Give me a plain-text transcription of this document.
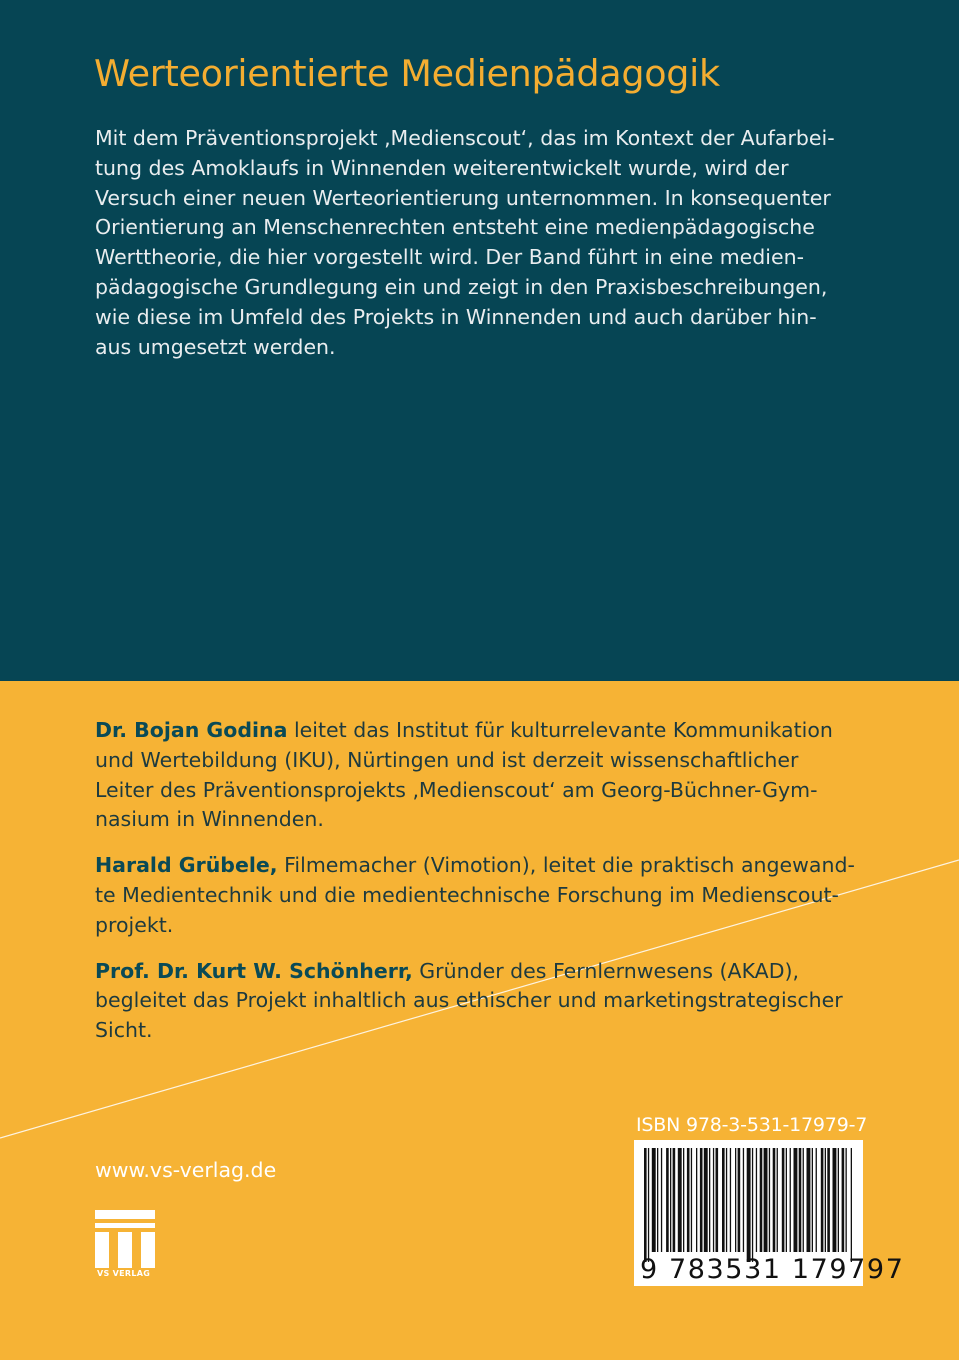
Werteorientierte Medienpädagogik

Mit dem Präventionsprojekt ‚Medienscout‘, das im Kontext der Aufarbei-
tung des Amoklaufs in Winnenden weiterentwickelt wurde, wird der
Versuch einer neuen Werteorientierung unternommen. In konsequenter
Orientierung an Menschenrechten entsteht eine medienpädagogische
Werttheorie, die hier vorgestellt wird. Der Band führt in eine medien-
pädagogische Grundlegung ein und zeigt in den Praxisbeschreibungen,
wie diese im Umfeld des Projekts in Winnenden und auch darüber hin-
aus umgesetzt werden.

Dr. Bojan Godina leitet das Institut für kulturrelevante Kommunikation
und Wertebildung (IKU), Nürtingen und ist derzeit wissenschaftlicher
Leiter des Präventionsprojekts ‚Medienscout‘ am Georg-Büchner-Gym-
nasium in Winnenden.

Harald Grübele, Filmemacher (Vimotion), leitet die praktisch angewand-
te Medientechnik und die medientechnische Forschung im Medienscout-
projekt.

Prof. Dr. Kurt W. Schönherr, Gründer des Fernlernwesens (AKAD),
begleitet das Projekt inhaltlich aus ethischer und marketingstrategischer
Sicht.

www.vs-verlag.de
VS VERLAG
ISBN 978-3-531-17979-7
9 783531 179797
